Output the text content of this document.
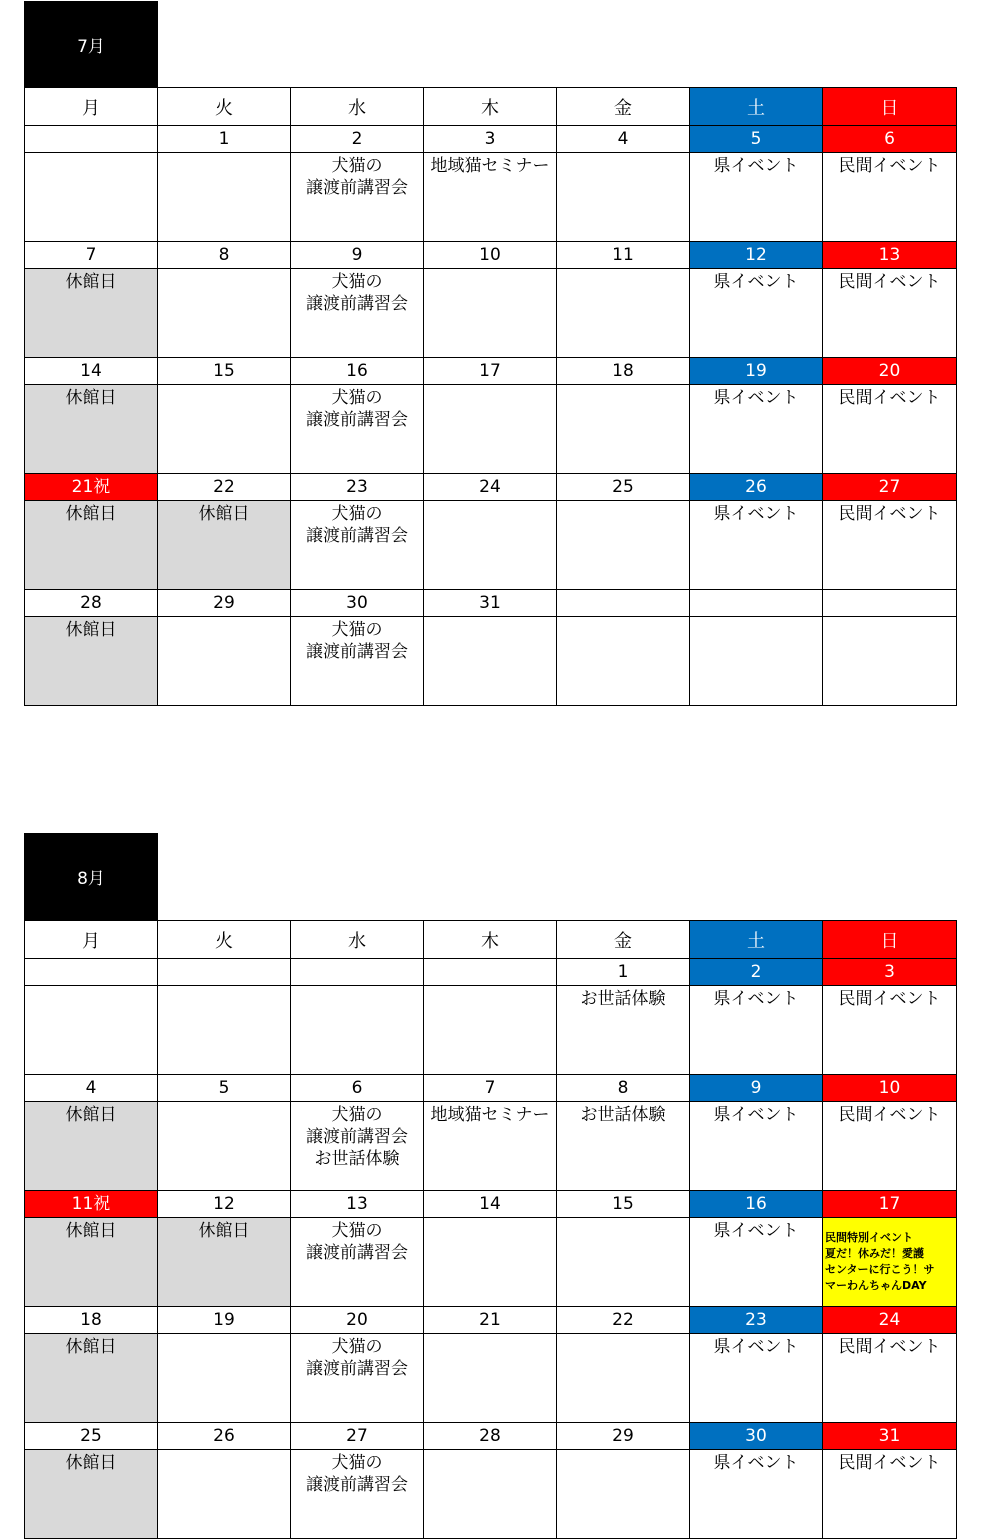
7月
月	火	水	木	金	土	日
	1	2	3	4	5	6

		犬猫の
譲渡前講習会	地域猫セミナー		県イベント	民間イベント

7	8	9	10	11	12	13

休館日		犬猫の
譲渡前講習会			県イベント	民間イベント

14	15	16	17	18	19	20

休館日		犬猫の
譲渡前講習会			県イベント	民間イベント

21祝	22	23	24	25	26	27

休館日	休館日	犬猫の
譲渡前講習会			県イベント	民間イベント

28	29	30	31			

休館日		犬猫の
譲渡前講習会				

8月
月	火	水	木	金	土	日
				1	2	3

				お世話体験	県イベント	民間イベント

4	5	6	7	8	9	10

休館日		犬猫の
譲渡前講習会
お世話体験	地域猫セミナー	お世話体験	県イベント	民間イベント

11祝	12	13	14	15	16	17

休館日	休館日	犬猫の
譲渡前講習会			県イベント	民間特別イベント
夏だ！休みだ！愛護
センターに行こう！サ
マーわんちゃんDAY

18	19	20	21	22	23	24

休館日		犬猫の
譲渡前講習会			県イベント	民間イベント

25	26	27	28	29	30	31

休館日		犬猫の
譲渡前講習会			県イベント	民間イベント
